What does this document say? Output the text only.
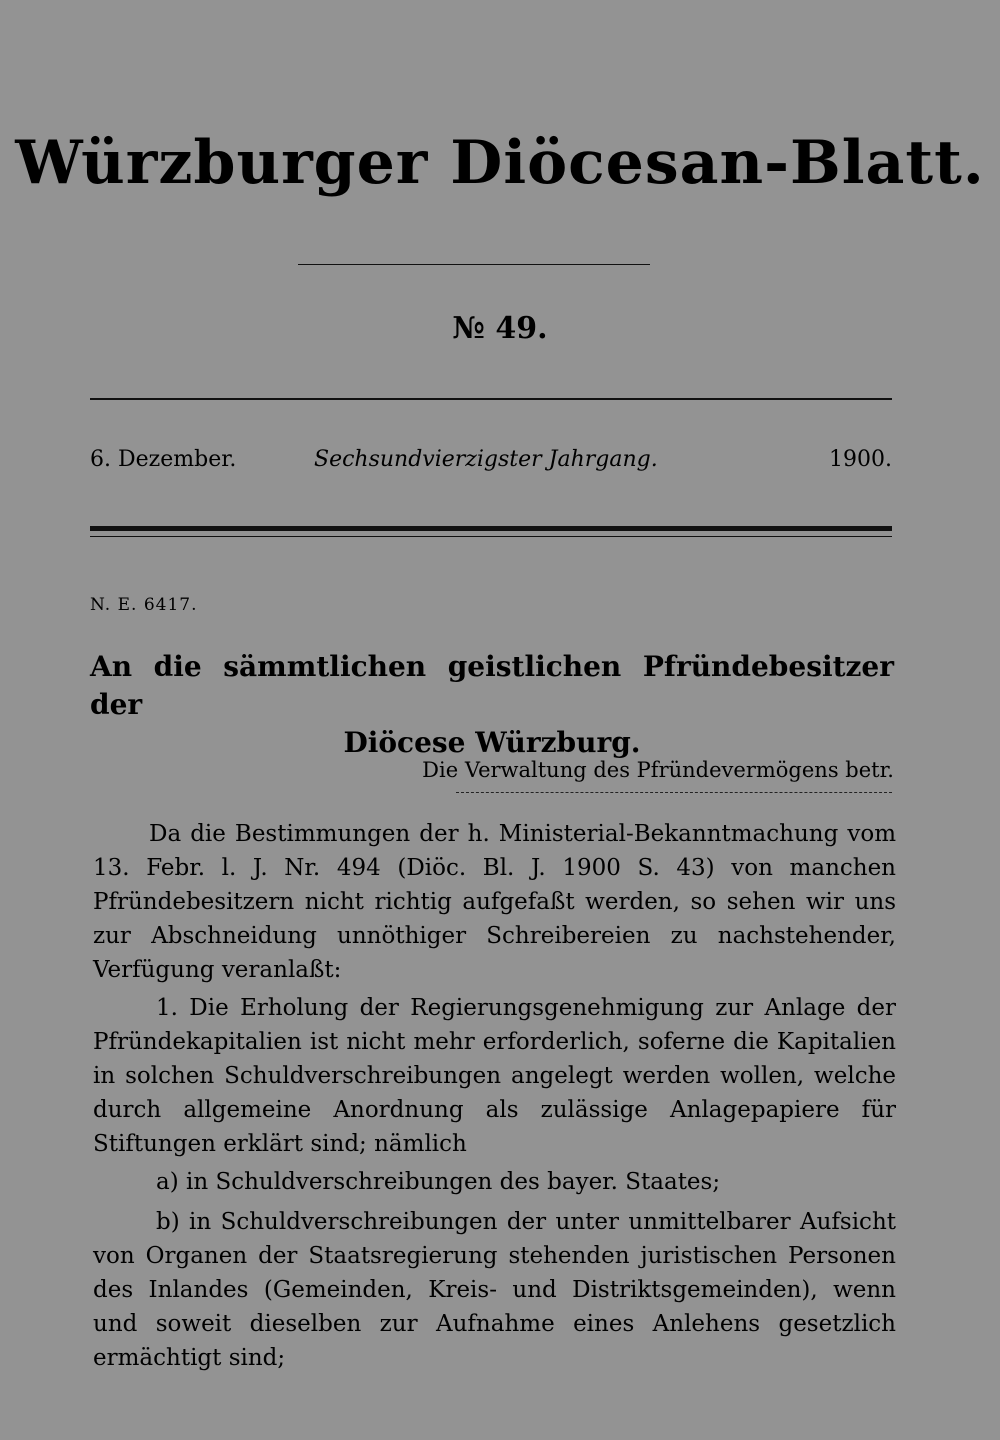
Würzburger Diöcesan-Blatt.
№ 49.
6. Dezember.	Sechsundvierzigster Jahrgang.	1900.
N. E. 6417.
An die sämmtlichen geistlichen Pfründebesitzer der
Diöcese Würzburg.
Die Verwaltung des Pfründevermögens betr.

Da die Bestimmungen der h. Ministerial-Bekanntmachung vom 13. Febr. l. J. Nr. 494 (Diöc. Bl. J. 1900 S. 43) von manchen Pfründebesitzern nicht richtig aufgefaßt werden, so sehen wir uns zur Abschneidung unnöthiger Schreibereien zu nachstehender, Verfügung veranlaßt:

1. Die Erholung der Regierungsgenehmigung zur Anlage der Pfründekapitalien ist nicht mehr erforderlich, soferne die Kapitalien in solchen Schuldverschreibungen angelegt werden wollen, welche durch allgemeine Anordnung als zulässige Anlagepapiere für Stiftungen erklärt sind; nämlich

a) in Schuldverschreibungen des bayer. Staates;

b) in Schuldverschreibungen der unter unmittelbarer Aufsicht von Organen der Staatsregierung stehenden juristischen Personen des Inlandes (Gemeinden, Kreis- und Distriktsgemeinden), wenn und soweit dieselben zur Aufnahme eines Anlehens gesetzlich ermächtigt sind;
